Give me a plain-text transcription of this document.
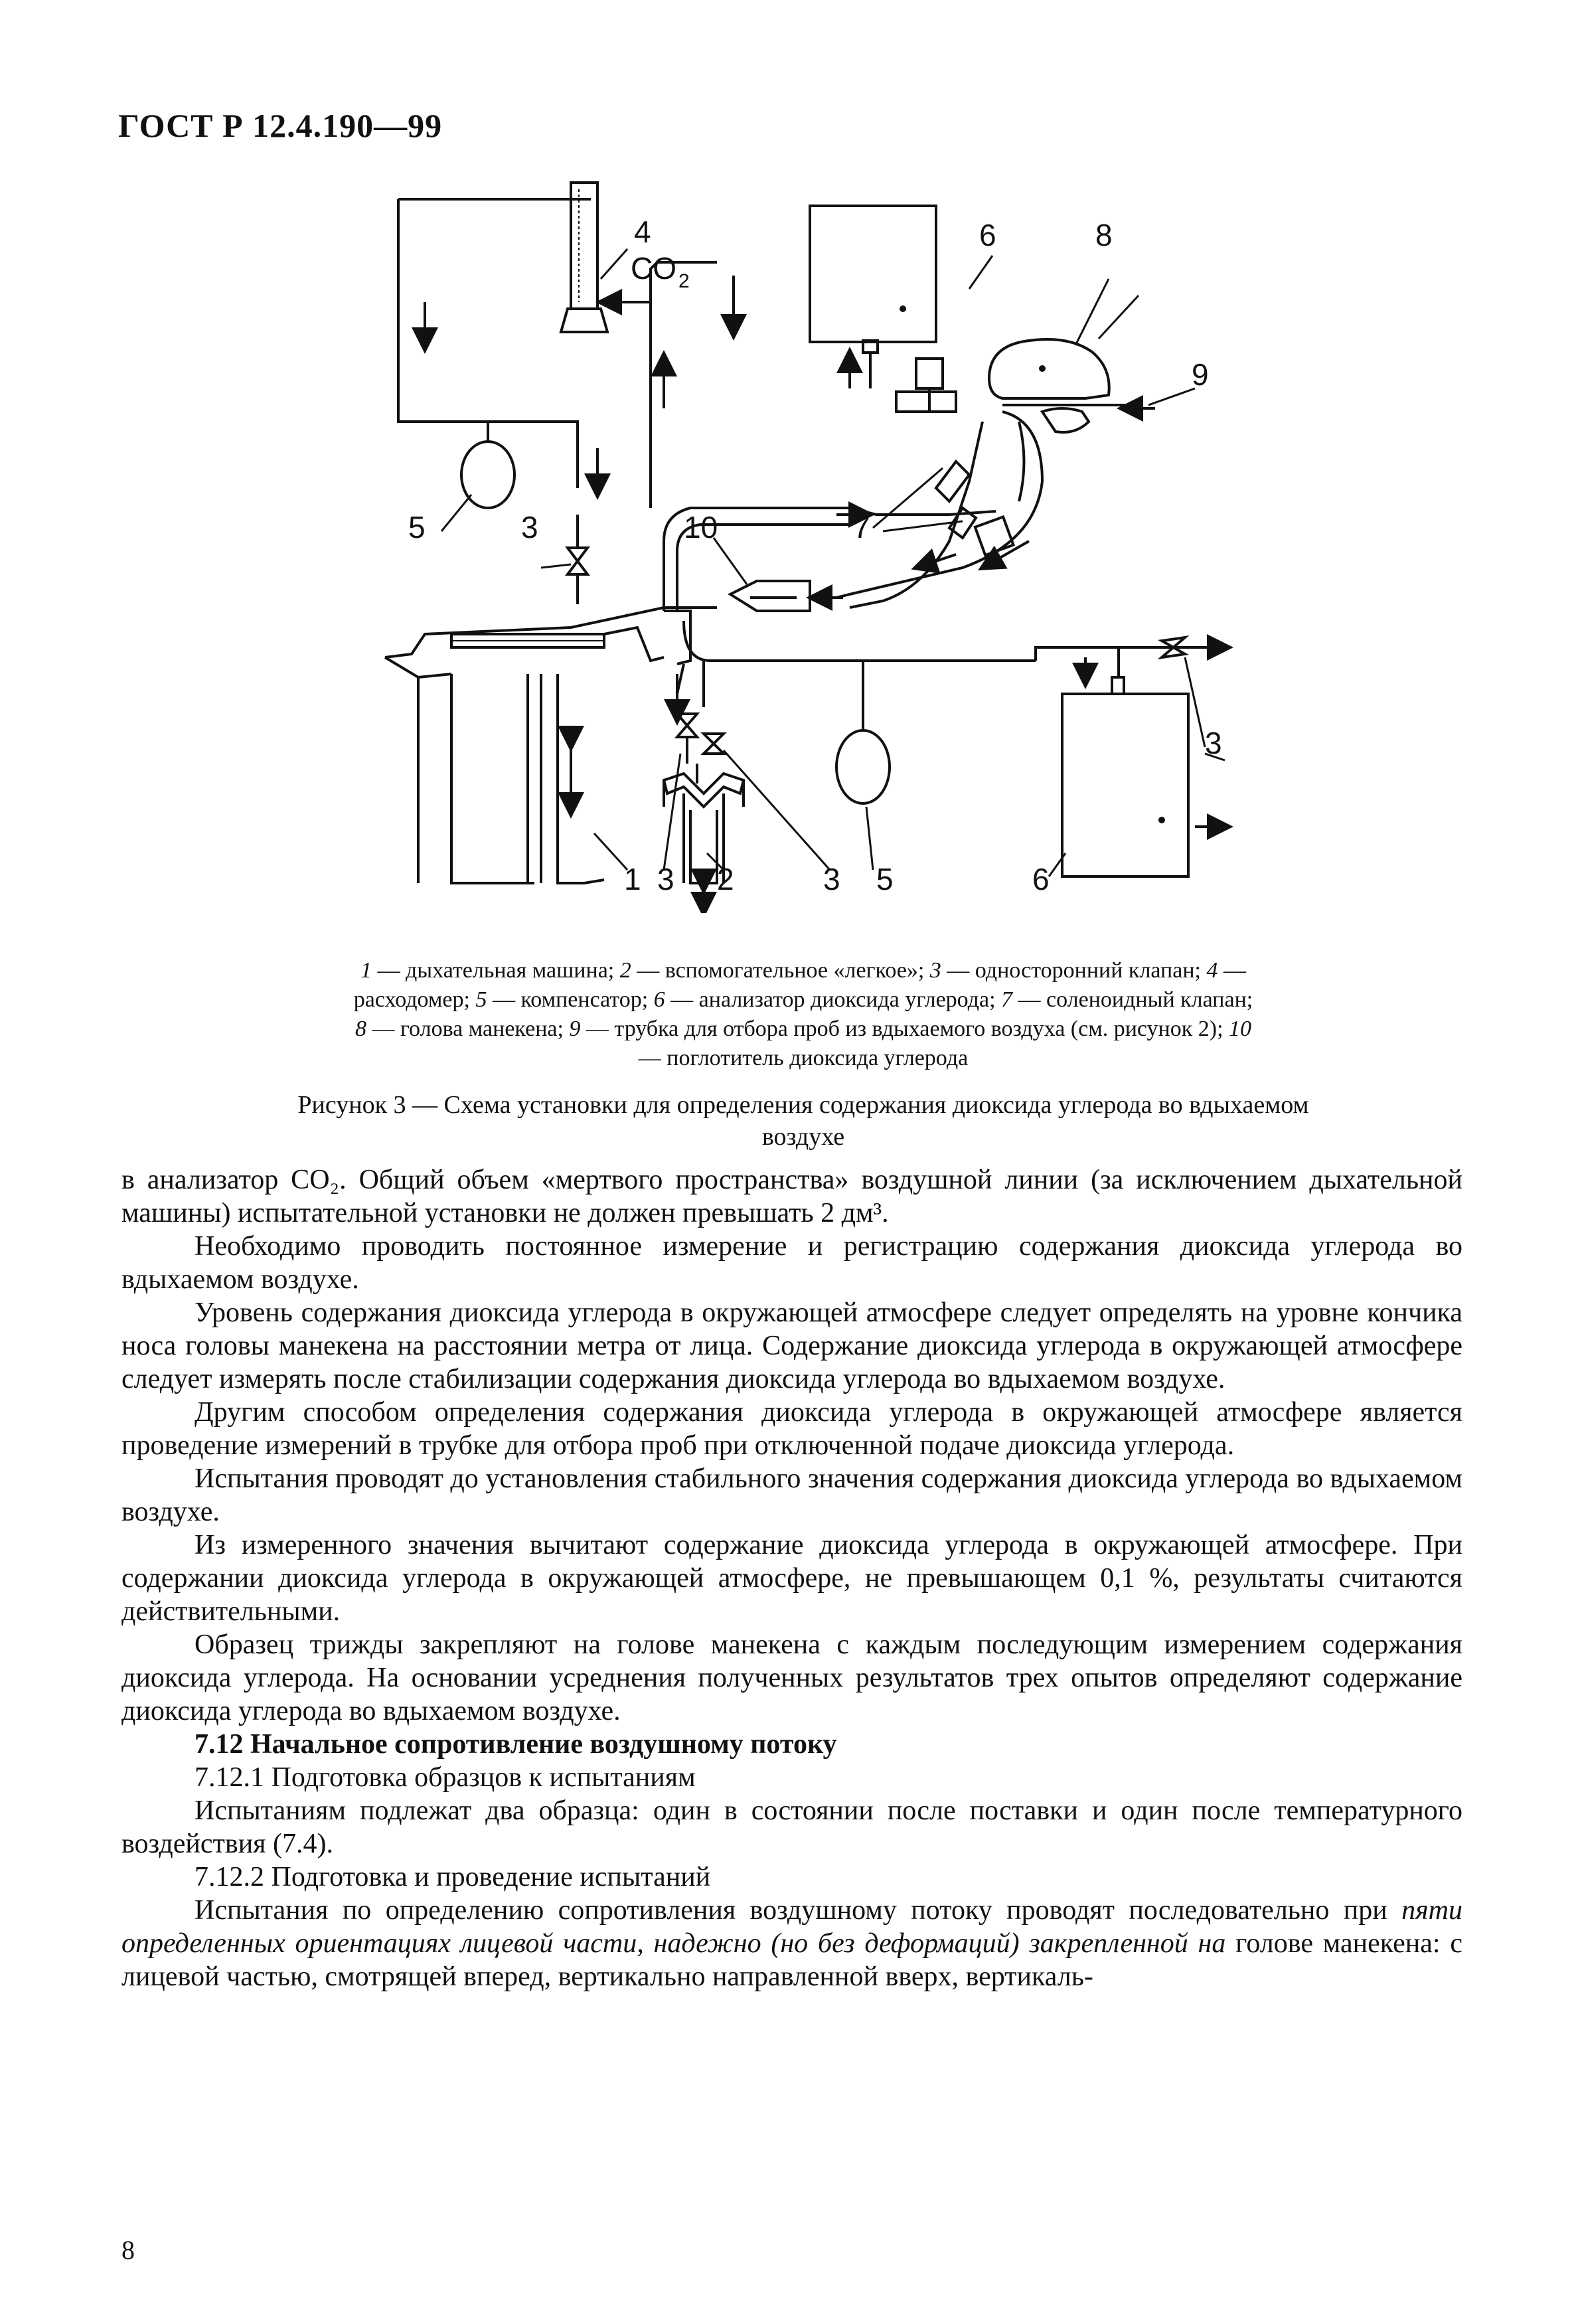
ГОСТ Р 12.4.190—99
4
CO 2
6	8
9
5	3	10	7
3
1 3 2	3 5	6
1 — дыхательная машина; 2 — вспомогательное «легкое»; 3 — односторонний клапан; 4 — расходомер; 5 — компенсатор; 6 — анализатор диоксида углерода; 7 — соленоидный клапан; 8 — голова манекена; 9 — трубка для отбора проб из вдыхаемого воздуха (см. рисунок 2); 10 — поглотитель диоксида углерода
Рисунок 3 — Схема установки для определения содержания диоксида углерода во вдыхаемом воздухе

в анализатор CO₂. Общий объем «мертвого пространства» воздушной линии (за исключением дыхательной машины) испытательной установки не должен превышать 2 дм³.

Необходимо проводить постоянное измерение и регистрацию содержания диоксида углерода во вдыхаемом воздухе.

Уровень содержания диоксида углерода в окружающей атмосфере следует определять на уровне кончика носа головы манекена на расстоянии метра от лица. Содержание диоксида углерода в окружающей атмосфере следует измерять после стабилизации содержания диоксида углерода во вдыхаемом воздухе.

Другим способом определения содержания диоксида углерода в окружающей атмосфере является проведение измерений в трубке для отбора проб при отключенной подаче диоксида углерода.

Испытания проводят до установления стабильного значения содержания диоксида углерода во вдыхаемом воздухе.

Из измеренного значения вычитают содержание диоксида углерода в окружающей атмосфере. При содержании диоксида углерода в окружающей атмосфере, не превышающем 0,1 %, результаты считаются действительными.

Образец трижды закрепляют на голове манекена с каждым последующим измерением содержания диоксида углерода. На основании усреднения полученных результатов трех опытов определяют содержание диоксида углерода во вдыхаемом воздухе.

7.12 Начальное сопротивление воздушному потоку

7.12.1 Подготовка образцов к испытаниям

Испытаниям подлежат два образца: один в состоянии после поставки и один после температурного воздействия (7.4).

7.12.2 Подготовка и проведение испытаний

Испытания по определению сопротивления воздушному потоку проводят последовательно при пяти определенных ориентациях лицевой части, надежно (но без деформаций) закрепленной на голове манекена: с лицевой частью, смотрящей вперед, вертикально направленной вверх, вертикаль-

8
